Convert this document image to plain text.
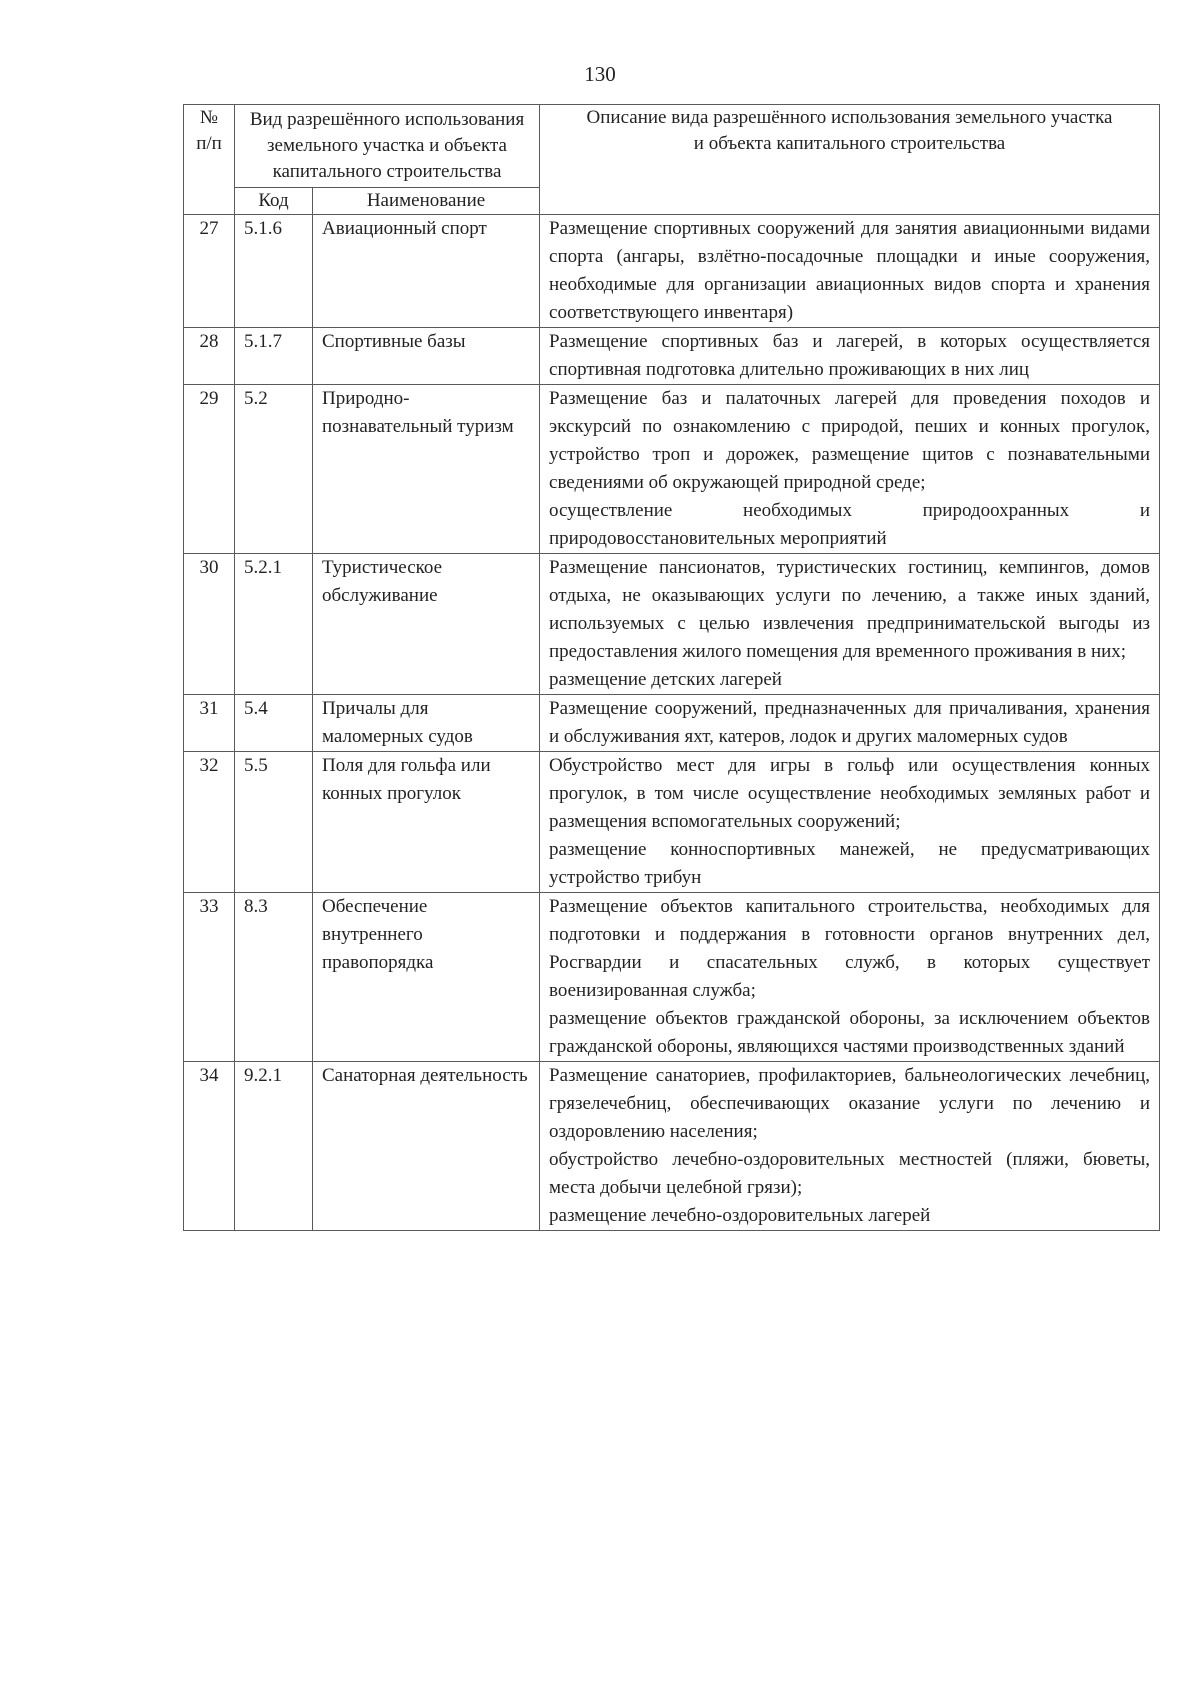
130
№ п/п	Вид разрешённого использования земельного участка и объекта капитального строительства		Описание вида разрешённого использования земельного участка и объекта капитального строительства
	Код	Наименование	
27	5.1.6	Авиационный спорт	Размещение спортивных сооружений для занятия авиационными видами спорта (ангары, взлётно-посадочные площадки и иные сооружения, необходимые для организации авиационных видов спорта и хранения соответствующего инвентаря)

28	5.1.7	Спортивные базы	Размещение спортивных баз и лагерей, в которых осуществляется спортивная подготовка длительно проживающих в них лиц

29	5.2	Природно-познавательный туризм	Размещение баз и палаточных лагерей для проведения походов и экскурсий по ознакомлению с природой, пеших и конных прогулок, устройство троп и дорожек, размещение щитов с познавательными сведениями об окружающей природной среде;

осуществление необходимых природоохранных и природовосстановительных мероприятий

30	5.2.1	Туристическое обслуживание	Размещение пансионатов, туристических гостиниц, кемпингов, домов отдыха, не оказывающих услуги по лечению, а также иных зданий, используемых с целью извлечения предпринимательской выгоды из предоставления жилого помещения для временного проживания в них;

размещение детских лагерей

31	5.4	Причалы для маломерных судов	Размещение сооружений, предназначенных для причаливания, хранения и обслуживания яхт, катеров, лодок и других маломерных судов

32	5.5	Поля для гольфа или конных прогулок	Обустройство мест для игры в гольф или осуществления конных прогулок, в том числе осуществление необходимых земляных работ и размещения вспомогательных сооружений;

размещение конноспортивных манежей, не предусматривающих устройство трибун

33	8.3	Обеспечение внутреннего правопорядка	Размещение объектов капитального строительства, необходимых для подготовки и поддержания в готовности органов внутренних дел, Росгвардии и спасательных служб, в которых существует военизированная служба;

размещение объектов гражданской обороны, за исключением объектов гражданской обороны, являющихся частями производственных зданий

34	9.2.1	Санаторная деятельность	Размещение санаториев, профилакториев, бальнеологических лечебниц, грязелечебниц, обеспечивающих оказание услуги по лечению и оздоровлению населения;

обустройство лечебно-оздоровительных местностей (пляжи, бюветы, места добычи целебной грязи);

размещение лечебно-оздоровительных лагерей
